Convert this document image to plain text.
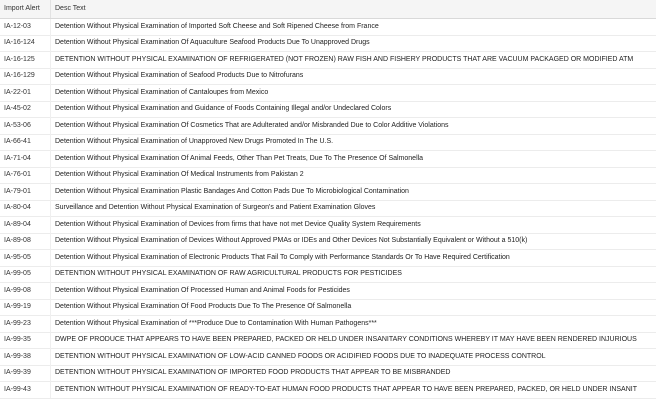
Import Alert	Desc Text
IA-12-03	Detention Without Physical Examination of Imported Soft Cheese and Soft Ripened Cheese from France
IA-16-124	Detention Without Physical Examination Of Aquaculture Seafood Products Due To Unapproved Drugs
IA-16-125	DETENTION WITHOUT PHYSICAL EXAMINATION OF REFRIGERATED (NOT FROZEN) RAW FISH AND FISHERY PRODUCTS THAT ARE VACUUM PACKAGED OR MODIFIED ATM
IA-16-129	Detention Without Physical Examination of Seafood Products Due to Nitrofurans
IA-22-01	Detention Without Physical Examination of Cantaloupes from Mexico
IA-45-02	Detention Without Physical Examination and Guidance of Foods Containing Illegal and/or Undeclared Colors
IA-53-06	Detention Without Physical Examination Of Cosmetics That are Adulterated and/or Misbranded Due to Color Additive Violations
IA-66-41	Detention Without Physical Examination of Unapproved New Drugs Promoted In The U.S.
IA-71-04	Detention Without Physical Examination Of Animal Feeds, Other Than Pet Treats, Due To The Presence Of Salmonella
IA-76-01	Detention Without Physical Examination Of Medical Instruments from Pakistan 2
IA-79-01	Detention Without Physical Examination Plastic Bandages And Cotton Pads Due To Microbiological Contamination
IA-80-04	Surveillance and Detention Without Physical Examination of Surgeon's and Patient Examination Gloves
IA-89-04	Detention Without Physical Examination of Devices from firms that have not met Device Quality System Requirements
IA-89-08	Detention Without Physical Examination of Devices Without Approved PMAs or IDEs and Other Devices Not Substantially Equivalent or Without a 510(k)
IA-95-05	Detention Without Physical Examination of Electronic Products That Fail To Comply with Performance Standards Or To Have Required Certification
IA-99-05	DETENTION WITHOUT PHYSICAL EXAMINATION OF RAW AGRICULTURAL PRODUCTS FOR PESTICIDES
IA-99-08	Detention Without Physical Examination Of Processed Human and Animal Foods for Pesticides
IA-99-19	Detention Without Physical Examination Of Food Products Due To The Presence Of Salmonella
IA-99-23	Detention Without Physical Examination of ***Produce Due to Contamination With Human Pathogens***
IA-99-35	DWPE OF PRODUCE THAT APPEARS TO HAVE BEEN PREPARED, PACKED OR HELD UNDER INSANITARY CONDITIONS WHEREBY IT MAY HAVE BEEN RENDERED INJURIOUS
IA-99-38	DETENTION WITHOUT PHYSICAL EXAMINATION OF LOW-ACID CANNED FOODS OR ACIDIFIED FOODS DUE TO INADEQUATE PROCESS CONTROL
IA-99-39	DETENTION WITHOUT PHYSICAL EXAMINATION OF IMPORTED FOOD PRODUCTS THAT APPEAR TO BE MISBRANDED
IA-99-43	DETENTION WITHOUT PHYSICAL EXAMINATION OF READY-TO-EAT HUMAN FOOD PRODUCTS THAT APPEAR TO HAVE BEEN PREPARED, PACKED, OR HELD UNDER INSANIT
